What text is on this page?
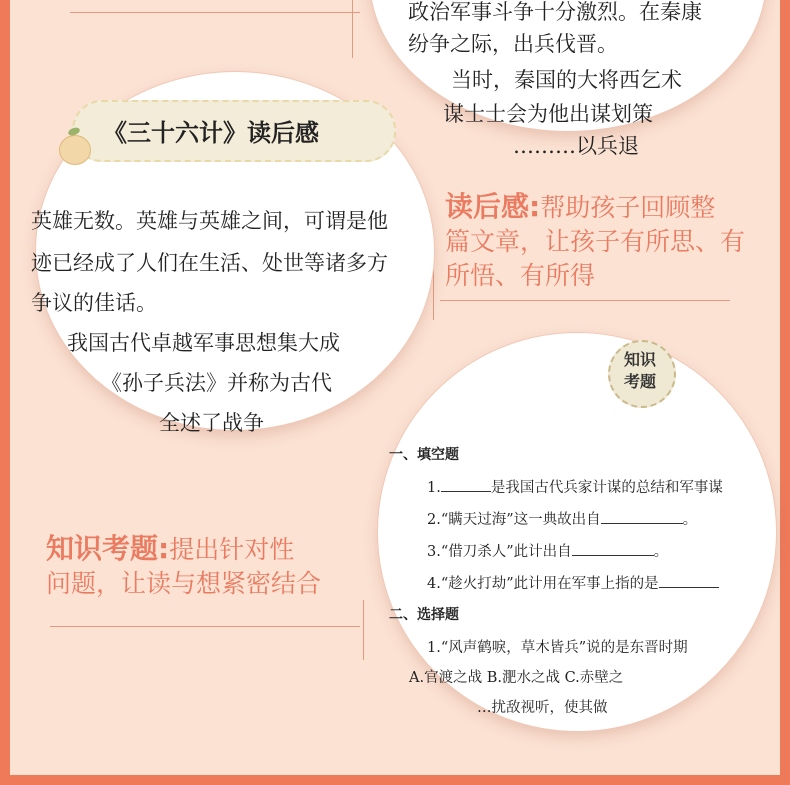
政治军事斗争十分激烈。在秦康

纷争之际，出兵伐晋。

当时，秦国的大将西乞术

谋士士会为他出谋划策

………以兵退

英雄无数。英雄与英雄之间，可谓是他

迹已经成了人们在生活、处世等诸多方

争议的佳话。

我国古代卓越军事思想集大成

《孙子兵法》并称为古代

全述了战争

《三十六计》读后感
读后感:帮助孩子回顾整
篇文章，让孩子有所思、有
所悟、有所得

一、填空题

1.	是我国古代兵家计谋的总结和军事谋

2.“瞒天过海”这一典故出自	。

3.“借刀杀人”此计出自	。

4.“趁火打劫”此计用在军事上指的是

二、选择题

1.“风声鹤唳，草木皆兵”说的是东晋时期

A.官渡之战 B.淝水之战 C.赤壁之

…扰敌视听，使其做

知识
考题
知识考题:提出针对性
问题，让读与想紧密结合
